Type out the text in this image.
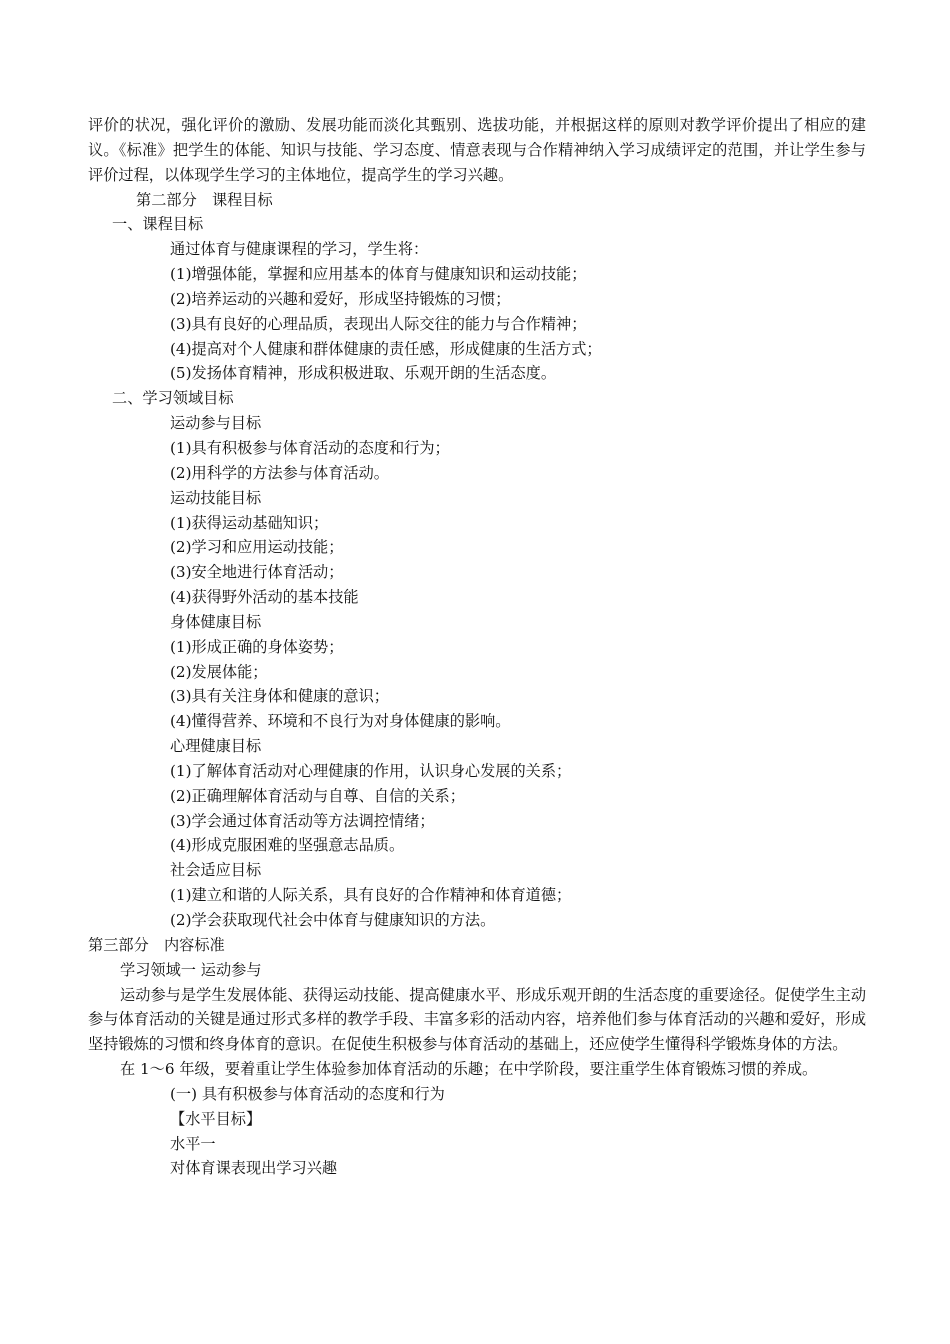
评价的状况，强化评价的激励、发展功能而淡化其甄别、选拔功能，并根据这样的原则对教学评价提出了相应的建议。《标准》把学生的体能、知识与技能、学习态度、情意表现与合作精神纳入学习成绩评定的范围，并让学生参与评价过程，以体现学生学习的主体地位，提高学生的学习兴趣。

第二部分　课程目标

一、课程目标

通过体育与健康课程的学习，学生将：

(1)增强体能，掌握和应用基本的体育与健康知识和运动技能；

(2)培养运动的兴趣和爱好，形成坚持锻炼的习惯；

(3)具有良好的心理品质，表现出人际交往的能力与合作精神；

(4)提高对个人健康和群体健康的责任感，形成健康的生活方式；

(5)发扬体育精神，形成积极进取、乐观开朗的生活态度。

二、学习领域目标

运动参与目标

(1)具有积极参与体育活动的态度和行为；

(2)用科学的方法参与体育活动。

运动技能目标

(1)获得运动基础知识；

(2)学习和应用运动技能；

(3)安全地进行体育活动；

(4)获得野外活动的基本技能

身体健康目标

(1)形成正确的身体姿势；

(2)发展体能；

(3)具有关注身体和健康的意识；

(4)懂得营养、环境和不良行为对身体健康的影响。

心理健康目标

(1)了解体育活动对心理健康的作用，认识身心发展的关系；

(2)正确理解体育活动与自尊、自信的关系；

(3)学会通过体育活动等方法调控情绪；

(4)形成克服困难的坚强意志品质。

社会适应目标

(1)建立和谐的人际关系，具有良好的合作精神和体育道德；

(2)学会获取现代社会中体育与健康知识的方法。

第三部分　内容标准

学习领域一 运动参与

运动参与是学生发展体能、获得运动技能、提高健康水平、形成乐观开朗的生活态度的重要途径。促使学生主动参与体育活动的关键是通过形式多样的教学手段、丰富多彩的活动内容，培养他们参与体育活动的兴趣和爱好，形成坚持锻炼的习惯和终身体育的意识。在促使生积极参与体育活动的基础上，还应使学生懂得科学锻炼身体的方法。

在 1～6 年级，要着重让学生体验参加体育活动的乐趣；在中学阶段，要注重学生体育锻炼习惯的养成。

(一) 具有积极参与体育活动的态度和行为

【水平目标】

水平一

对体育课表现出学习兴趣
